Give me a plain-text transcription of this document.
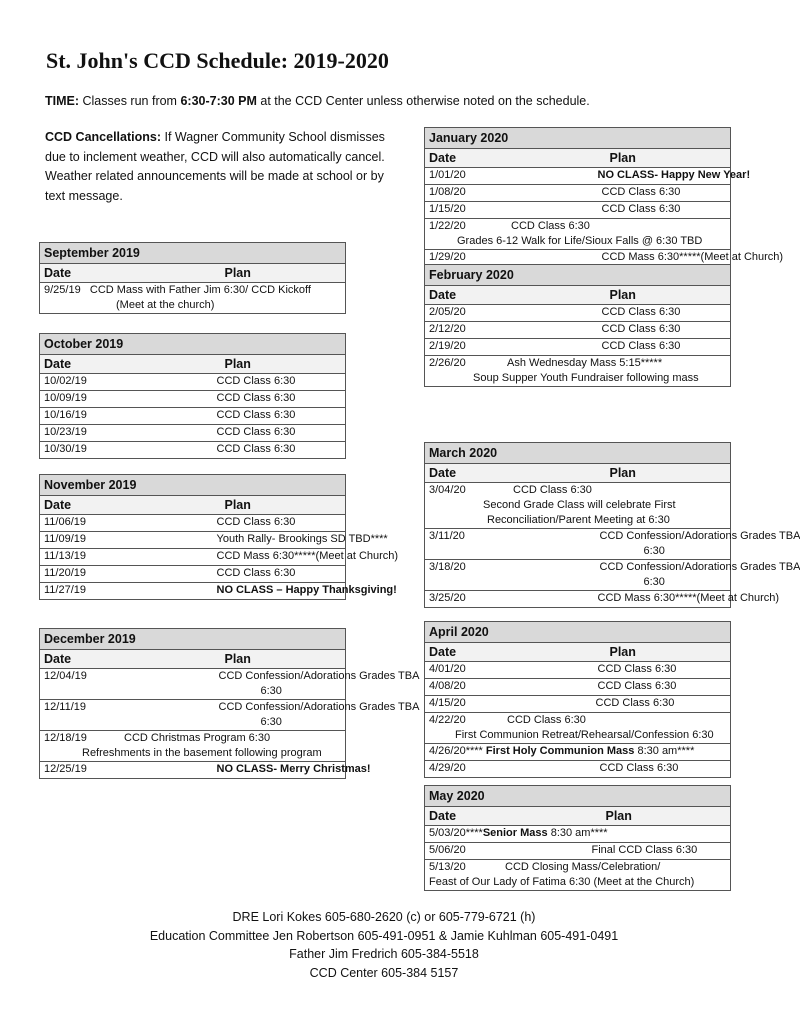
St. John's CCD Schedule: 2019-2020

TIME: Classes run from 6:30-7:30 PM at the CCD Center unless otherwise noted on the schedule.

CCD Cancellations: If Wagner Community School dismisses due to inclement weather, CCD will also automatically cancel. Weather related announcements will be made at school or by text message.

September 2019
Date	Plan
9/25/19 CCD Mass with Father Jim 6:30/ CCD Kickoff
(Meet at the church)
October 2019	
Date	Plan
10/02/19	CCD Class 6:30
10/09/19	CCD Class 6:30
10/16/19	CCD Class 6:30
10/23/19	CCD Class 6:30
10/30/19	CCD Class 6:30
November 2019	
Date	Plan
11/06/19	CCD Class 6:30
11/09/19	Youth Rally- Brookings SD TBD****
11/13/19	CCD Mass 6:30*****(Meet at Church)
11/20/19	CCD Class 6:30
11/27/19	NO CLASS – Happy Thanksgiving!
December 2019	
Date	Plan
12/04/19	CCD Confession/Adorations Grades TBA
6:30
12/11/19	CCD Confession/Adorations Grades TBA
6:30
12/18/19 CCD Christmas Program 6:30
Refreshments in the basement following program	
12/25/19	NO CLASS- Merry Christmas!
January 2020	
Date	Plan
1/01/20	NO CLASS- Happy New Year!
1/08/20	CCD Class 6:30
1/15/20	CCD Class 6:30
1/22/20 CCD Class 6:30
Grades 6-12 Walk for Life/Sioux Falls @ 6:30 TBD	
1/29/20	CCD Mass 6:30*****(Meet at Church)
February 2020	
Date	Plan
2/05/20	CCD Class 6:30
2/12/20	CCD Class 6:30
2/19/20	CCD Class 6:30
2/26/20 Ash Wednesday Mass 5:15*****
Soup Supper Youth Fundraiser following mass	
March 2020	
Date	Plan
3/04/20 CCD Class 6:30
Second Grade Class will celebrate First
Reconciliation/Parent Meeting at 6:30	
3/11/20	CCD Confession/Adorations Grades TBA
6:30
3/18/20	CCD Confession/Adorations Grades TBA
6:30
3/25/20	CCD Mass 6:30*****(Meet at Church)
April 2020	
Date	Plan
4/01/20	CCD Class 6:30
4/08/20	CCD Class 6:30
4/15/20	CCD Class 6:30
4/22/20 CCD Class 6:30
First Communion Retreat/Rehearsal/Confession 6:30	
4/26/20**** First Holy Communion Mass 8:30 am****	
4/29/20	CCD Class 6:30
May 2020	
Date	Plan
5/03/20****Senior Mass 8:30 am****	
5/06/20	Final CCD Class 6:30
5/13/20 CCD Closing Mass/Celebration/
Feast of Our Lady of Fatima 6:30 (Meet at the Church)	
DRE Lori Kokes 605-680-2620 (c) or 605-779-6721 (h)
Education Committee Jen Robertson 605-491-0951 & Jamie Kuhlman 605-491-0491
Father Jim Fredrich 605-384-5518
CCD Center 605-384 5157
